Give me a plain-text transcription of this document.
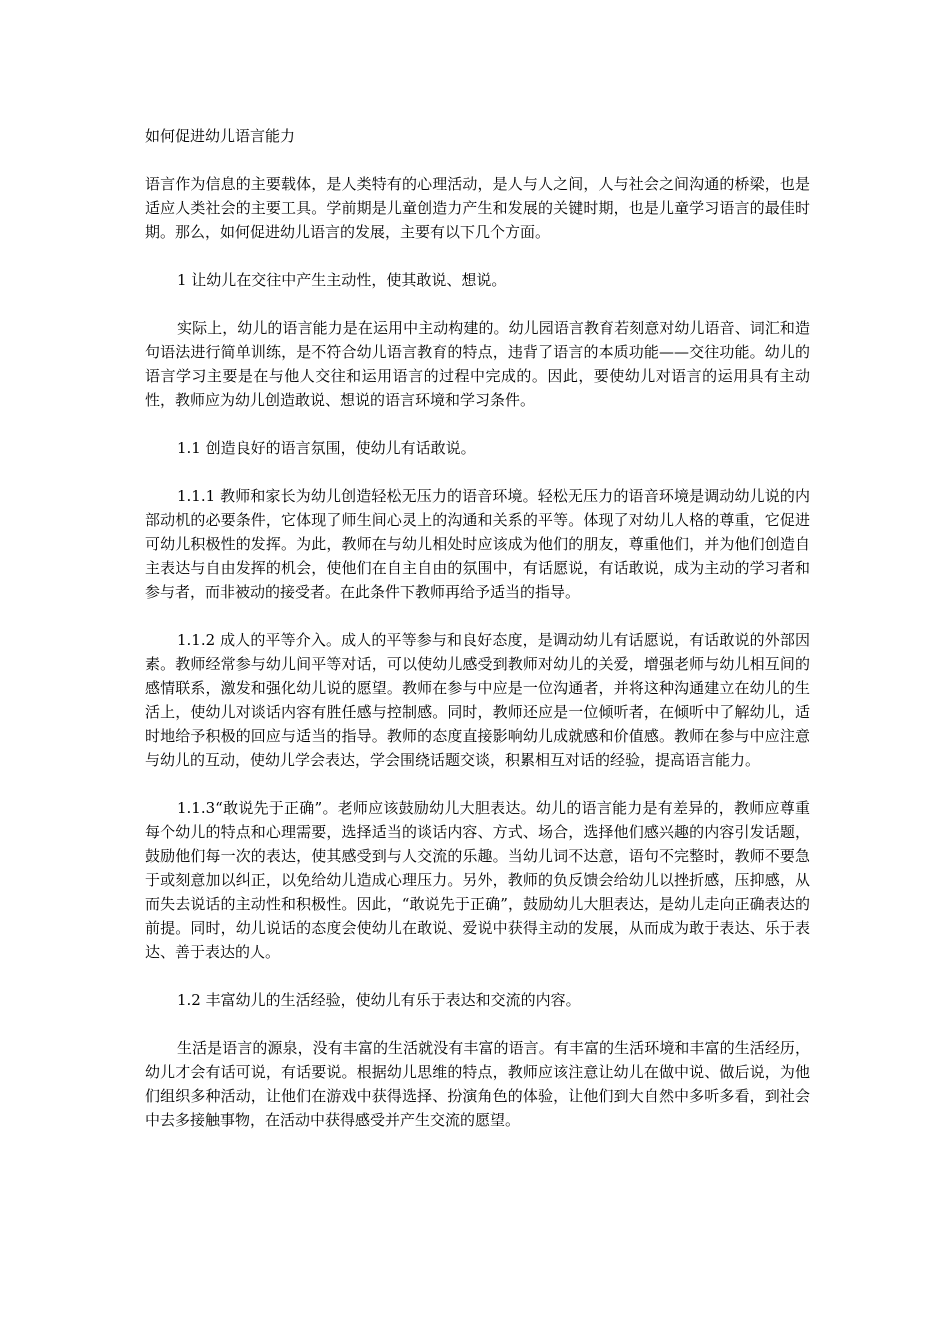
如何促进幼儿语言能力

语言作为信息的主要载体，是人类特有的心理活动，是人与人之间，人与社会之间沟通的桥梁，也是适应人类社会的主要工具。学前期是儿童创造力产生和发展的关键时期，也是儿童学习语言的最佳时期。那么，如何促进幼儿语言的发展，主要有以下几个方面。

1 让幼儿在交往中产生主动性，使其敢说、想说。

实际上，幼儿的语言能力是在运用中主动构建的。幼儿园语言教育若刻意对幼儿语音、词汇和造句语法进行简单训练，是不符合幼儿语言教育的特点，违背了语言的本质功能——交往功能。幼儿的语言学习主要是在与他人交往和运用语言的过程中完成的。因此，要使幼儿对语言的运用具有主动性，教师应为幼儿创造敢说、想说的语言环境和学习条件。

1.1 创造良好的语言氛围，使幼儿有话敢说。

1.1.1 教师和家长为幼儿创造轻松无压力的语音环境。轻松无压力的语音环境是调动幼儿说的内部动机的必要条件，它体现了师生间心灵上的沟通和关系的平等。体现了对幼儿人格的尊重，它促进可幼儿积极性的发挥。为此，教师在与幼儿相处时应该成为他们的朋友，尊重他们，并为他们创造自主表达与自由发挥的机会，使他们在自主自由的氛围中，有话愿说，有话敢说，成为主动的学习者和参与者，而非被动的接受者。在此条件下教师再给予适当的指导。

1.1.2 成人的平等介入。成人的平等参与和良好态度，是调动幼儿有话愿说，有话敢说的外部因素。教师经常参与幼儿间平等对话，可以使幼儿感受到教师对幼儿的关爱，增强老师与幼儿相互间的感情联系，激发和强化幼儿说的愿望。教师在参与中应是一位沟通者，并将这种沟通建立在幼儿的生活上，使幼儿对谈话内容有胜任感与控制感。同时，教师还应是一位倾听者，在倾听中了解幼儿，适时地给予积极的回应与适当的指导。教师的态度直接影响幼儿成就感和价值感。教师在参与中应注意与幼儿的互动，使幼儿学会表达，学会围绕话题交谈，积累相互对话的经验，提高语言能力。

1.1.3“敢说先于正确”。老师应该鼓励幼儿大胆表达。幼儿的语言能力是有差异的，教师应尊重每个幼儿的特点和心理需要，选择适当的谈话内容、方式、场合，选择他们感兴趣的内容引发话题，鼓励他们每一次的表达，使其感受到与人交流的乐趣。当幼儿词不达意，语句不完整时，教师不要急于或刻意加以纠正，以免给幼儿造成心理压力。另外，教师的负反馈会给幼儿以挫折感，压抑感，从而失去说话的主动性和积极性。因此，“敢说先于正确”，鼓励幼儿大胆表达，是幼儿走向正确表达的前提。同时，幼儿说话的态度会使幼儿在敢说、爱说中获得主动的发展，从而成为敢于表达、乐于表达、善于表达的人。

1.2 丰富幼儿的生活经验，使幼儿有乐于表达和交流的内容。

生活是语言的源泉，没有丰富的生活就没有丰富的语言。有丰富的生活环境和丰富的生活经历，幼儿才会有话可说，有话要说。根据幼儿思维的特点，教师应该注意让幼儿在做中说、做后说，为他们组织多种活动，让他们在游戏中获得选择、扮演角色的体验，让他们到大自然中多听多看，到社会中去多接触事物，在活动中获得感受并产生交流的愿望。
